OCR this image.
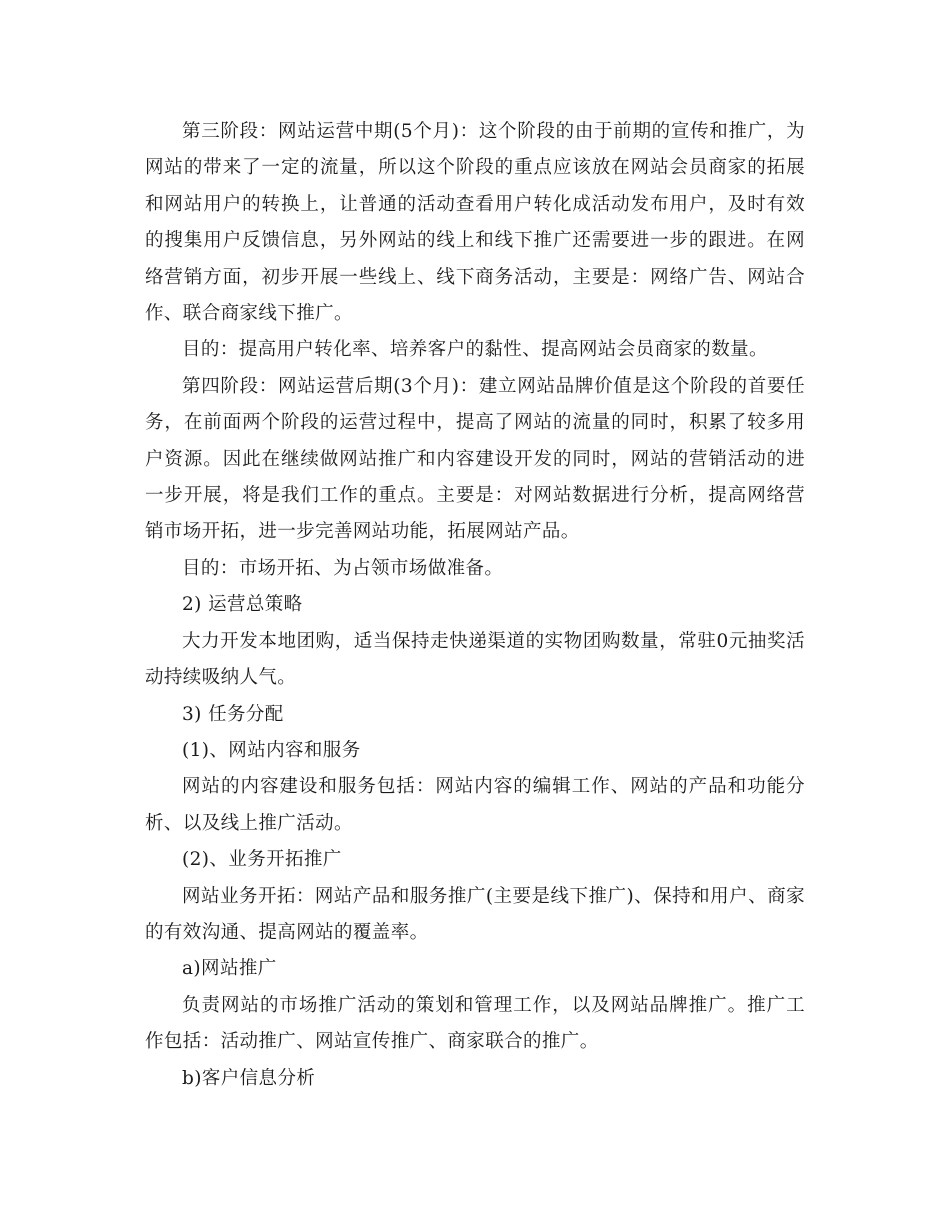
第三阶段：网站运营中期(5个月)：这个阶段的由于前期的宣传和推广，为网站的带来了一定的流量，所以这个阶段的重点应该放在网站会员商家的拓展和网站用户的转换上，让普通的活动查看用户转化成活动发布用户，及时有效的搜集用户反馈信息，另外网站的线上和线下推广还需要进一步的跟进。在网络营销方面，初步开展一些线上、线下商务活动，主要是：网络广告、网站合作、联合商家线下推广。

目的：提高用户转化率、培养客户的黏性、提高网站会员商家的数量。

第四阶段：网站运营后期(3个月)：建立网站品牌价值是这个阶段的首要任务，在前面两个阶段的运营过程中，提高了网站的流量的同时，积累了较多用户资源。因此在继续做网站推广和内容建设开发的同时，网站的营销活动的进一步开展，将是我们工作的重点。主要是：对网站数据进行分析，提高网络营销市场开拓，进一步完善网站功能，拓展网站产品。

目的：市场开拓、为占领市场做准备。

2) 运营总策略

大力开发本地团购，适当保持走快递渠道的实物团购数量，常驻0元抽奖活动持续吸纳人气。

3) 任务分配

(1)、网站内容和服务

网站的内容建设和服务包括：网站内容的编辑工作、网站的产品和功能分析、以及线上推广活动。

(2)、业务开拓推广

网站业务开拓：网站产品和服务推广(主要是线下推广)、保持和用户、商家的有效沟通、提高网站的覆盖率。

a)网站推广

负责网站的市场推广活动的策划和管理工作，以及网站品牌推广。推广工作包括：活动推广、网站宣传推广、商家联合的推广。

b)客户信息分析
